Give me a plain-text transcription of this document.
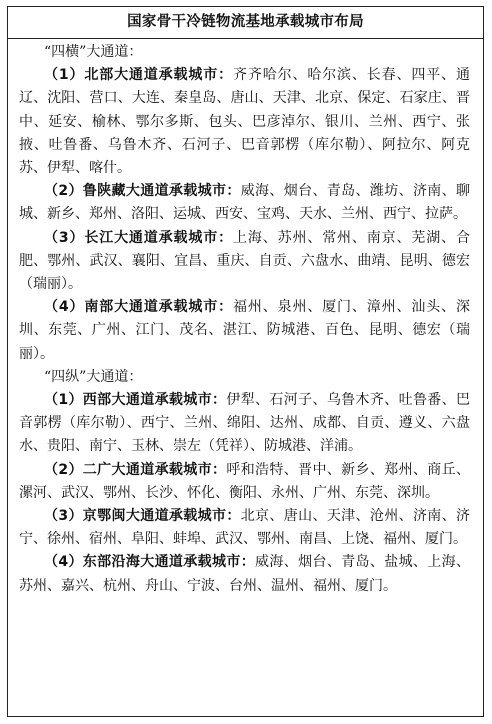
国家骨干冷链物流基地承载城市布局

“四横”大通道：

（1）北部大通道承载城市：齐齐哈尔、哈尔滨、长春、四平、通辽、沈阳、营口、大连、秦皇岛、唐山、天津、北京、保定、石家庄、晋中、延安、榆林、鄂尔多斯、包头、巴彦淖尔、银川、兰州、西宁、张掖、吐鲁番、乌鲁木齐、石河子、巴音郭楞（库尔勒）、阿拉尔、阿克苏、伊犁、喀什。

（2）鲁陕藏大通道承载城市：威海、烟台、青岛、潍坊、济南、聊城、新乡、郑州、洛阳、运城、西安、宝鸡、天水、兰州、西宁、拉萨。

（3）长江大通道承载城市：上海、苏州、常州、南京、芜湖、合肥、鄂州、武汉、襄阳、宜昌、重庆、自贡、六盘水、曲靖、昆明、德宏（瑞丽）。

（4）南部大通道承载城市：福州、泉州、厦门、漳州、汕头、深圳、东莞、广州、江门、茂名、湛江、防城港、百色、昆明、德宏（瑞丽）。

“四纵”大通道：

（1）西部大通道承载城市：伊犁、石河子、乌鲁木齐、吐鲁番、巴音郭楞（库尔勒）、西宁、兰州、绵阳、达州、成都、自贡、遵义、六盘水、贵阳、南宁、玉林、崇左（凭祥）、防城港、洋浦。

（2）二广大通道承载城市：呼和浩特、晋中、新乡、郑州、商丘、漯河、武汉、鄂州、长沙、怀化、衡阳、永州、广州、东莞、深圳。

（3）京鄂闽大通道承载城市：北京、唐山、天津、沧州、济南、济宁、徐州、宿州、阜阳、蚌埠、武汉、鄂州、南昌、上饶、福州、厦门。

（4）东部沿海大通道承载城市：威海、烟台、青岛、盐城、上海、苏州、嘉兴、杭州、舟山、宁波、台州、温州、福州、厦门。
